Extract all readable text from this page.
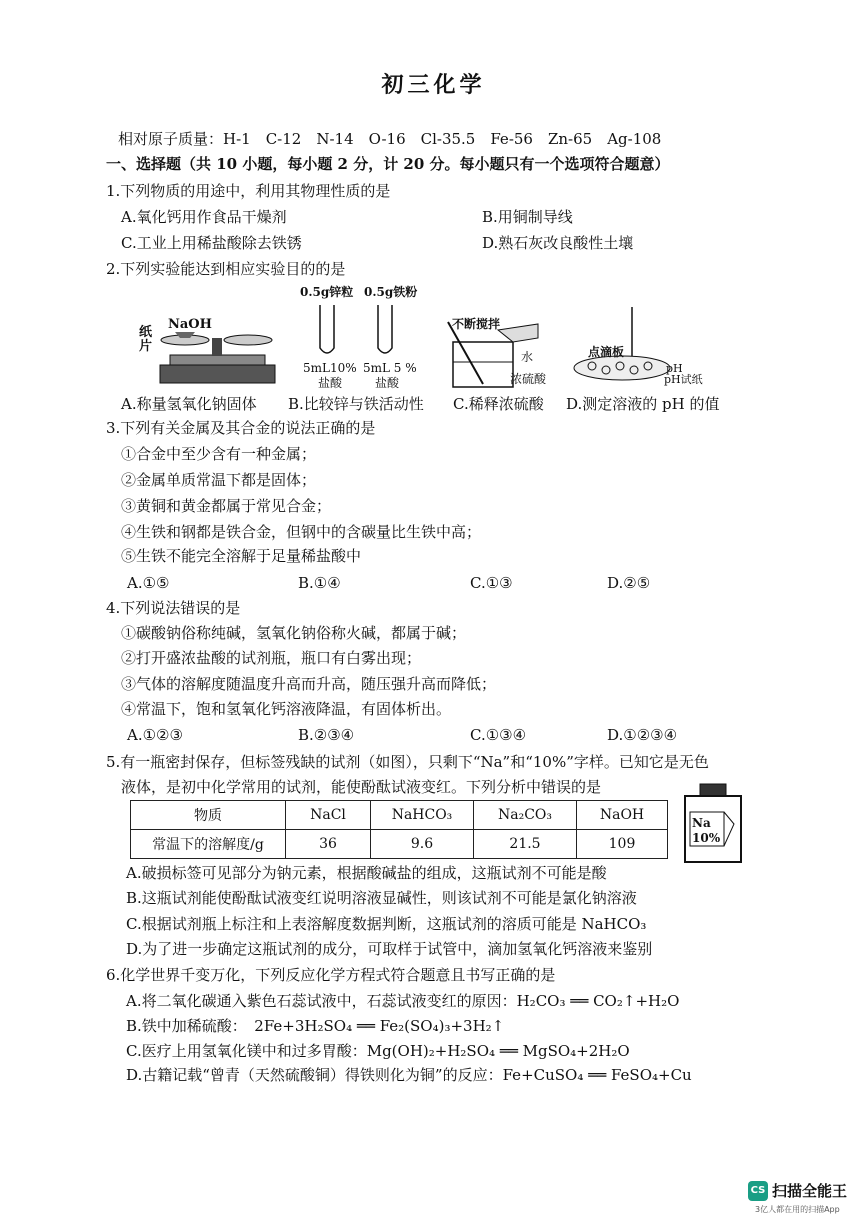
初三化学
相对原子质量：H-1　C-12　N-14　O-16　Cl-35.5　Fe-56　Zn-65　Ag-108
一、选择题（共 10 小题，每小题 2 分，计 20 分。每小题只有一个选项符合题意）
1.下列物质的用途中，利用其物理性质的是
A.氧化钙用作食品干燥剂	B.用铜制导线
C.工业上用稀盐酸除去铁锈	D.熟石灰改良酸性土壤
2.下列实验能达到相应实验目的的是
纸
片
NaOH
0.5g锌粒 0.5g铁粉
5mL10%
盐酸
5mL 5 %
盐酸
不断搅拌
水
浓硫酸
点滴板
pH
pH试纸
A.称量氢氧化钠固体 B.比较锌与铁活动性 C.稀释浓硫酸 D.测定溶液的 pH 的值
3.下列有关金属及其合金的说法正确的是
①合金中至少含有一种金属；
②金属单质常温下都是固体；
③黄铜和黄金都属于常见合金；
④生铁和钢都是铁合金，但钢中的含碳量比生铁中高；
⑤生铁不能完全溶解于足量稀盐酸中
A.①⑤	B.①④	C.①③	D.②⑤
4.下列说法错误的是
①碳酸钠俗称纯碱，氢氧化钠俗称火碱，都属于碱；
②打开盛浓盐酸的试剂瓶，瓶口有白雾出现；
③气体的溶解度随温度升高而升高，随压强升高而降低；
④常温下，饱和氢氧化钙溶液降温，有固体析出。
A.①②③	B.②③④	C.①③④	D.①②③④
5.有一瓶密封保存，但标签残缺的试剂（如图），只剩下“Na”和“10%”字样。已知它是无色
液体，是初中化学常用的试剂，能使酚酞试液变红。下列分析中错误的是
物质	NaCl	NaHCO₃	Na₂CO₃	NaOH
常温下的溶解度/g	36	9.6	21.5	109
Na
10%
A.破损标签可见部分为钠元素，根据酸碱盐的组成，这瓶试剂不可能是酸
B.这瓶试剂能使酚酞试液变红说明溶液显碱性，则该试剂不可能是氯化钠溶液
C.根据试剂瓶上标注和上表溶解度数据判断，这瓶试剂的溶质可能是 NaHCO₃
D.为了进一步确定这瓶试剂的成分，可取样于试管中，滴加氢氧化钙溶液来鉴别
6.化学世界千变万化，下列反应化学方程式符合题意且书写正确的是
A.将二氧化碳通入紫色石蕊试液中，石蕊试液变红的原因：H₂CO₃ ══ CO₂↑+H₂O
B.铁中加稀硫酸：　2Fe+3H₂SO₄ ══ Fe₂(SO₄)₃+3H₂↑
C.医疗上用氢氧化镁中和过多胃酸：Mg(OH)₂+H₂SO₄ ══ MgSO₄+2H₂O
D.古籍记载“曾青（天然硫酸铜）得铁则化为铜”的反应：Fe+CuSO₄ ══ FeSO₄+Cu
CS 扫描全能王
3亿人都在用的扫描App
